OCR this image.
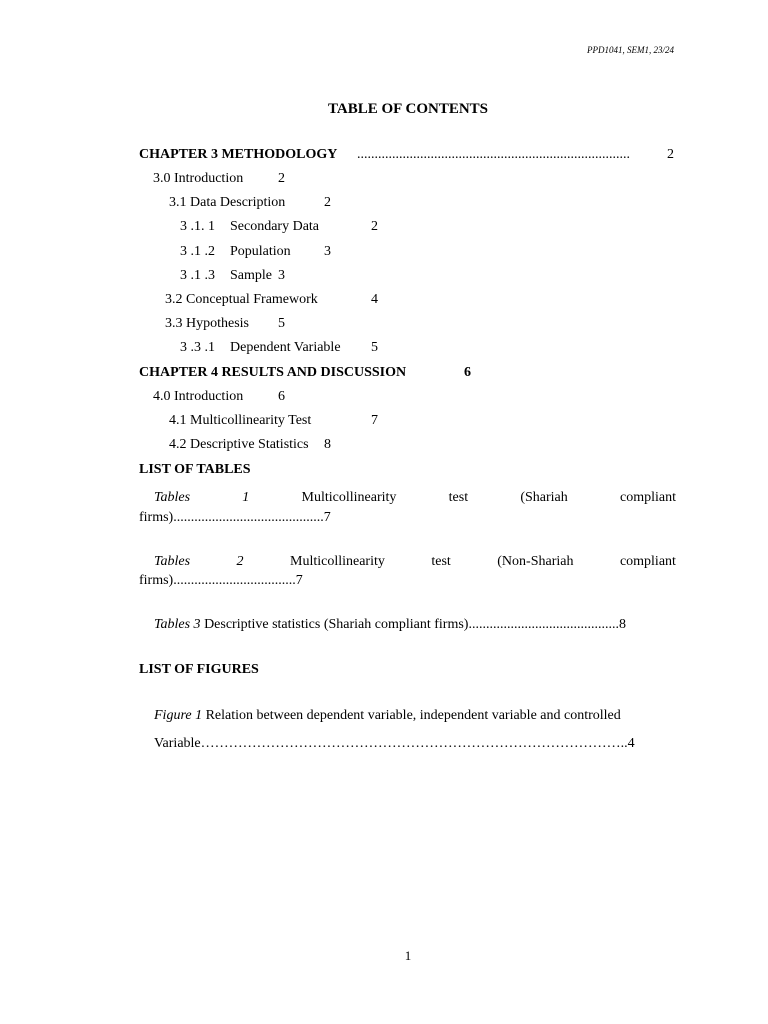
PPD1041, SEM1, 23/24
TABLE OF CONTENTS
CHAPTER 3 METHODOLOGY ..............................................................................	2
3.0 Introduction 2
3.1 Data Description	2
3 .1. 1 Secondary Data	2
3 .1 .2 Population 3
3 .1 .3 Sample 3
3.2 Conceptual Framework	4
3.3 Hypothesis 5
3 .3 .1 Dependent Variable 5
CHAPTER 4 RESULTS AND DISCUSSION	6
4.0 Introduction 6
4.1 Multicollinearity Test	7
4.2 Descriptive Statistics 8
LIST OF TABLES
Tables	1	Multicollinearity	test	(Shariah	compliant
firms)...........................................7
Tables	2	Multicollinearity	test	(Non-Shariah	compliant
firms)...................................7
Tables 3 Descriptive statistics (Shariah compliant firms)...........................................8
LIST OF FIGURES
Figure 1 Relation between dependent variable, independent variable and controlled
Variable………………………………………………………………………………..4
1
